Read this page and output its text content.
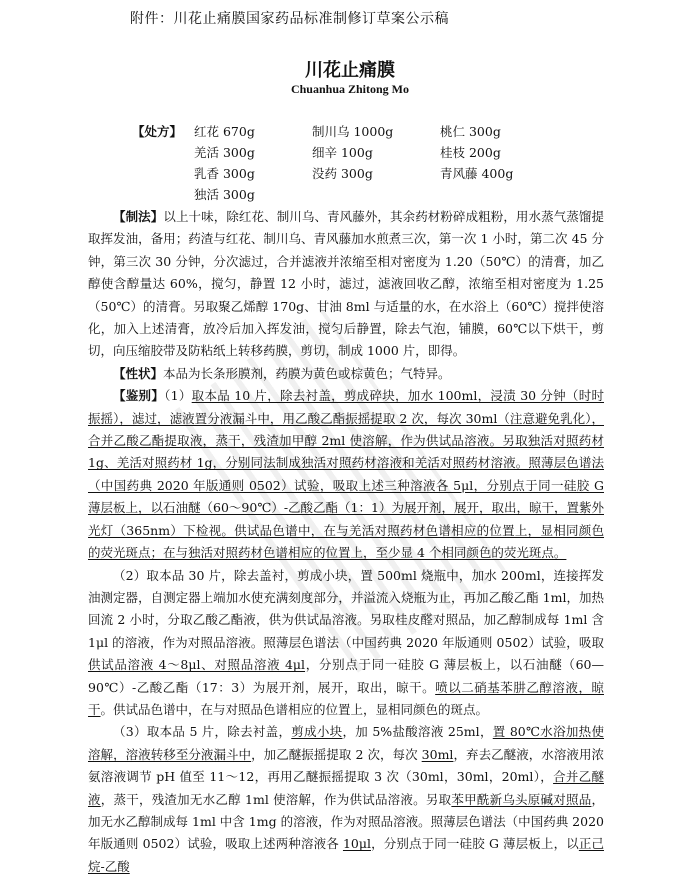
附件：川花止痛膜国家药品标准制修订草案公示稿
川花止痛膜
Chuanhua Zhitong Mo
【处方】 红花 670g	制川乌 1000g	桃仁 300g
羌活 300g	细辛 100g	桂枝 200g
乳香 300g	没药 300g	青风藤 400g
独活 300g

【制法】以上十味，除红花、制川乌、青风藤外，其余药材粉碎成粗粉，用水蒸气蒸馏提取挥发油，备用；药渣与红花、制川乌、青风藤加水煎煮三次，第一次 1 小时，第二次 45 分钟，第三次 30 分钟，分次滤过，合并滤液并浓缩至相对密度为 1.20（50℃）的清膏，加乙醇使含醇量达 60%，搅匀，静置 12 小时，滤过，滤液回收乙醇，浓缩至相对密度为 1.25（50℃）的清膏。另取聚乙烯醇 170g、甘油 8ml 与适量的水，在水浴上（60℃）搅拌使溶化，加入上述清膏，放冷后加入挥发油，搅匀后静置，除去气泡，铺膜，60℃以下烘干，剪切，向压缩胶带及防粘纸上转移药膜，剪切，制成 1000 片，即得。

【性状】本品为长条形膜剂，药膜为黄色或棕黄色；气特异。

【鉴别】（1）取本品 10 片，除去衬盖，剪成碎块，加水 100ml，浸渍 30 分钟（时时振摇），滤过，滤液置分液漏斗中，用乙酸乙酯振摇提取 2 次，每次 30ml（注意避免乳化），合并乙酸乙酯提取液，蒸干，残渣加甲醇 2ml 使溶解，作为供试品溶液。另取独活对照药材 1g、羌活对照药材 1g，分别同法制成独活对照药材溶液和羌活对照药材溶液。照薄层色谱法（中国药典 2020 年版通则 0502）试验，吸取上述三种溶液各 5μl，分别点于同一硅胶 G 薄层板上，以石油醚（60～90℃）-乙酸乙酯（1：1）为展开剂，展开，取出，晾干，置紫外光灯（365nm）下检视。供试品色谱中，在与羌活对照药材色谱相应的位置上，显相同颜色的荧光斑点；在与独活对照药材色谱相应的位置上，至少显 4 个相同颜色的荧光斑点。

（2）取本品 30 片，除去盖衬，剪成小块，置 500ml 烧瓶中，加水 200ml，连接挥发油测定器，自测定器上端加水使充满刻度部分，并溢流入烧瓶为止，再加乙酸乙酯 1ml，加热回流 2 小时，分取乙酸乙酯液，供为供试品溶液。另取桂皮醛对照品，加乙醇制成每 1ml 含 1μl 的溶液，作为对照品溶液。照薄层色谱法（中国药典 2020 年版通则 0502）试验，吸取供试品溶液 4～8μl、对照品溶液 4μl，分别点于同一硅胶 G 薄层板上，以石油醚（60—90℃）-乙酸乙酯（17：3）为展开剂，展开，取出，晾干。喷以二硝基苯肼乙醇溶液，晾干。供试品色谱中，在与对照品色谱相应的位置上，显相同颜色的斑点。

（3）取本品 5 片，除去衬盖，剪成小块，加 5%盐酸溶液 25ml，置 80℃水浴加热使溶解，溶液转移至分液漏斗中，加乙醚振摇提取 2 次，每次 30ml，弃去乙醚液，水溶液用浓氨溶液调节 pH 值至 11～12，再用乙醚振摇提取 3 次（30ml，30ml，20ml），合并乙醚液，蒸干，残渣加无水乙醇 1ml 使溶解，作为供试品溶液。另取苯甲酰新乌头原碱对照品，加无水乙醇制成每 1ml 中含 1mg 的溶液，作为对照品溶液。照薄层色谱法（中国药典 2020 年版通则 0502）试验，吸取上述两种溶液各 10μl，分别点于同一硅胶 G 薄层板上，以正己烷-乙酸
